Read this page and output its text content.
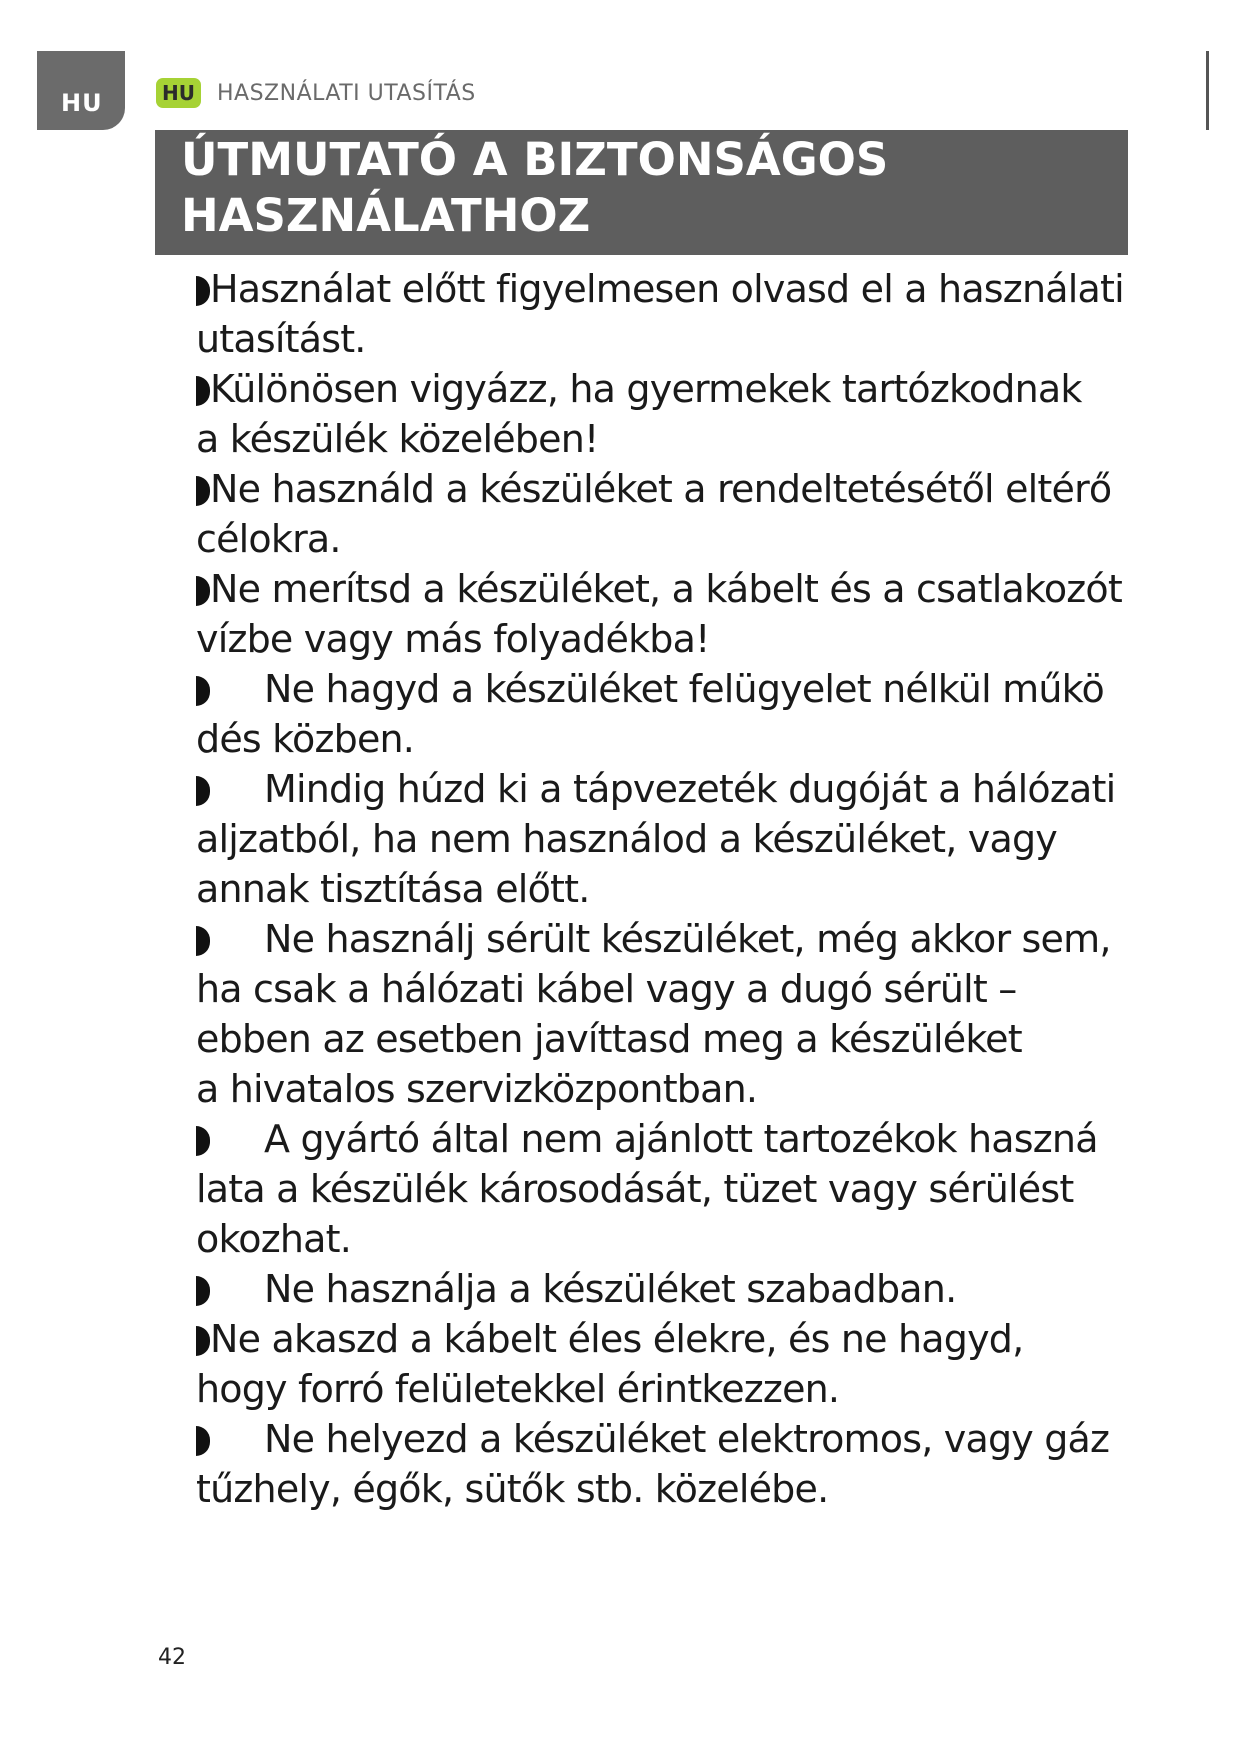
HU	HU HASZNÁLATI UTASÍTÁS
ÚTMUTATÓ A BIZTONSÁGOS
HASZNÁLATHOZ
Használat előtt figyelmesen olvasd el a használati
utasítást.
Különösen vigyázz, ha gyermekek tartózkodnak
a készülék közelében!
Ne használd a készüléket a rendeltetésétől eltérő
célokra.
Ne merítsd a készüléket, a kábelt és a csatlakozót
vízbe vagy más folyadékba!
Ne hagyd a készüléket felügyelet nélkül műkö
dés közben.
Mindig húzd ki a tápvezeték dugóját a hálózati
aljzatból, ha nem használod a készüléket, vagy
annak tisztítása előtt.
Ne használj sérült készüléket, még akkor sem,
ha csak a hálózati kábel vagy a dugó sérült –
ebben az esetben javíttasd meg a készüléket
a hivatalos szervizközpontban.
A gyártó által nem ajánlott tartozékok haszná
lata a készülék károsodását, tüzet vagy sérülést
okozhat.
Ne használja a készüléket szabadban.
Ne akaszd a kábelt éles élekre, és ne hagyd,
hogy forró felületekkel érintkezzen.
Ne helyezd a készüléket elektromos, vagy gáz
tűzhely, égők, sütők stb. közelébe.
42
